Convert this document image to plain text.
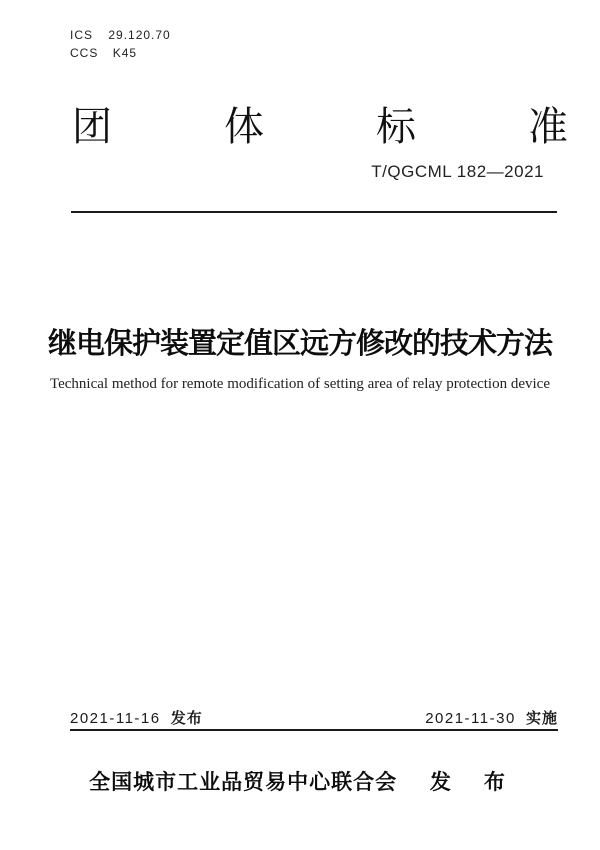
ICS 29.120.70
CCS K45
团	体	标	准
T/QGCML 182—2021
继电保护装置定值区远方修改的技术方法
Technical method for remote modification of setting area of relay protection device
2021-11-16 发布	2021-11-30 实施
全国城市工业品贸易中心联合会 发　布
